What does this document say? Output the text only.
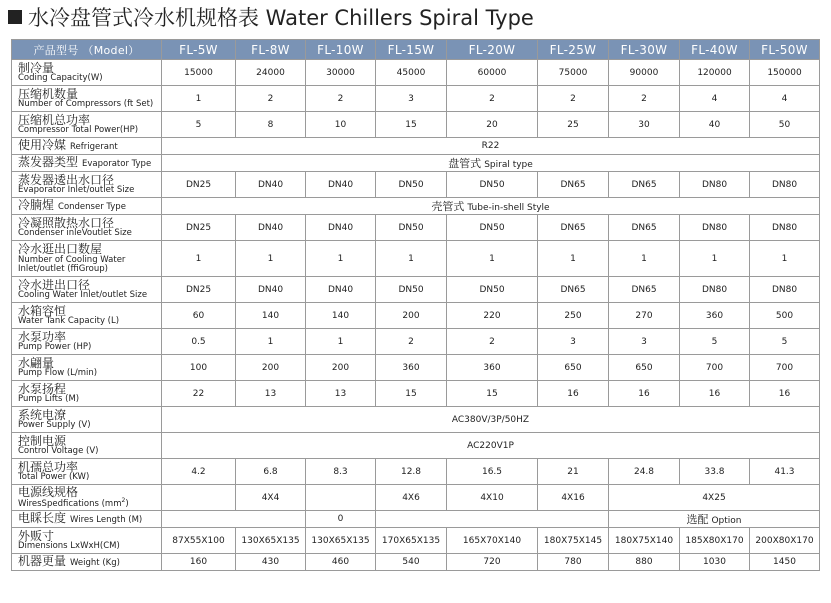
水冷盘管式冷水机规格表 Water Chillers Spiral Type
产品型号 （Model）	FL-5W	FL-8W	FL-10W	FL-15W	FL-20W	FL-25W	FL-30W	FL-40W	FL-50W

制冷量
Coding Capacity(W)	15000	24000	30000	45000	60000	75000	90000	120000	150000

压缩机数量
Number of Compressors (ft Set)	1	2	2	3	2	2	2	4	4

压缩机总功率
Compressor Total Power(HP)	5	8	10	15	20	25	30	40	50
使用冷媒 Refrigerant	R22								
蒸发器类型 Evaporator Type	盘管式 Spiral type								

蒸发器逶出水口径
Evaporator Inlet/outlet Size	DN25	DN40	DN40	DN50	DN50	DN65	DN65	DN80	DN80
冷腩煋 Condenser Type	壳管式 Tube-in-shell Style								

冷凝照散热水口径
Condenser inleVoutlet Size	DN25	DN40	DN40	DN50	DN50	DN65	DN65	DN80	DN80

冷水逛出口数屋
Number of Cooling Water
Inlet/outlet (ffiGroup)	1	1	1	1	1	1	1	1	1

冷水进出口径
Cooling Water Inlet/outlet Size	DN25	DN40	DN40	DN50	DN50	DN65	DN65	DN80	DN80

水箱容恒
Water Tank Capacity (L)	60	140	140	200	220	250	270	360	500

水泵功率
Pump Power (HP)	0.5	1	1	2	2	3	3	5	5

水翩量
Pump Flow (L/min)	100	200	200	360	360	650	650	700	700

水泵扬程
Pump Lifts (M)	22	13	13	15	15	16	16	16	16

系统电潦
Power Supply (V)	AC380V/3P/50HZ								

控制电源
Control Voltage (V)	AC220V1P								

机孺总功率
Total Power (KW)	4.2	6.8	8.3	12.8	16.5	21	24.8	33.8	41.3

电源线规格
WiresSpedfications $(mm^2)$		4X4		4X6	4X10	4X16	4X25		
电睬长度 Wires Length (M)			0				选配 Option		

外贩寸
Dimensions LxWxH(CM)	87X55X100	130X65X135	130X65X135	170X65X135	165X70X140	180X75X145	180X75X140	185X80X170	200X80X170
机器更量 Weight (Kg)	160	430	460	540	720	780	880	1030	1450
